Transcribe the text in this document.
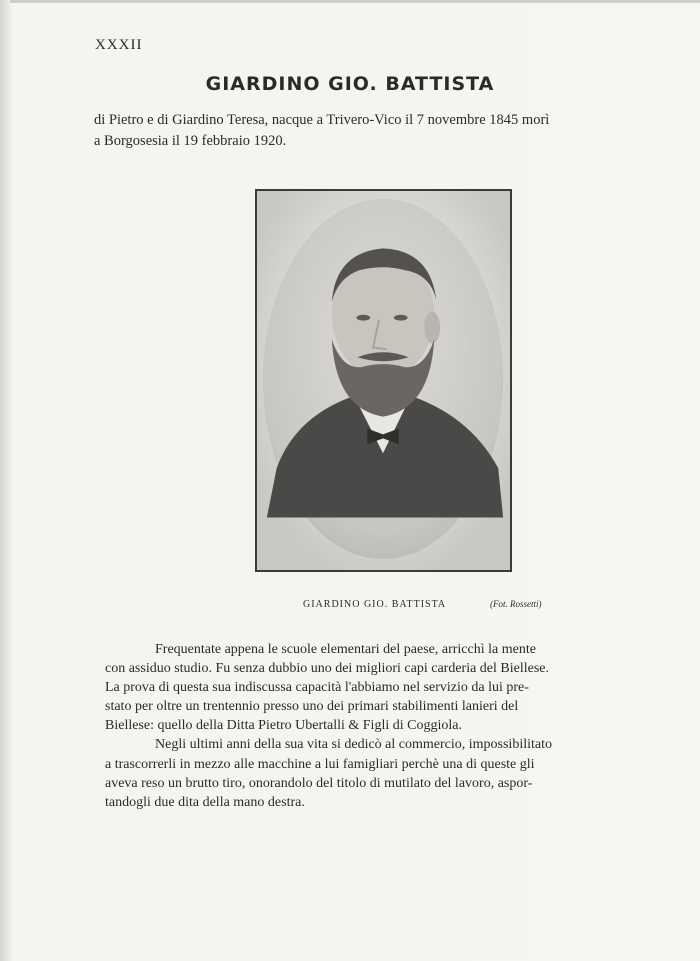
XXXII
GIARDINO GIO. BATTISTA
di Pietro e di Giardino Teresa, nacque a Trivero-Vico il 7 novembre 1845 morì
a Borgosesia il 19 febbraio 1920.
GIARDINO GIO. BATTISTA	(Fot. Rossetti)
Frequentate appena le scuole elementari del paese, arricchì la mente
con assiduo studio. Fu senza dubbio uno dei migliori capi carderia del Biellese.
La prova di questa sua indiscussa capacità l'abbiamo nel servizio da lui pre-
stato per oltre un trentennio presso uno dei primari stabilimenti lanieri del
Biellese: quello della Ditta Pietro Ubertalli & Figli di Coggiola.
Negli ultimi anni della sua vita si dedicò al commercio, impossibilitato
a trascorrerli in mezzo alle macchine a lui famigliari perchè una di queste gli
aveva reso un brutto tiro, onorandolo del titolo di mutilato del lavoro, aspor-
tandogli due dita della mano destra.
